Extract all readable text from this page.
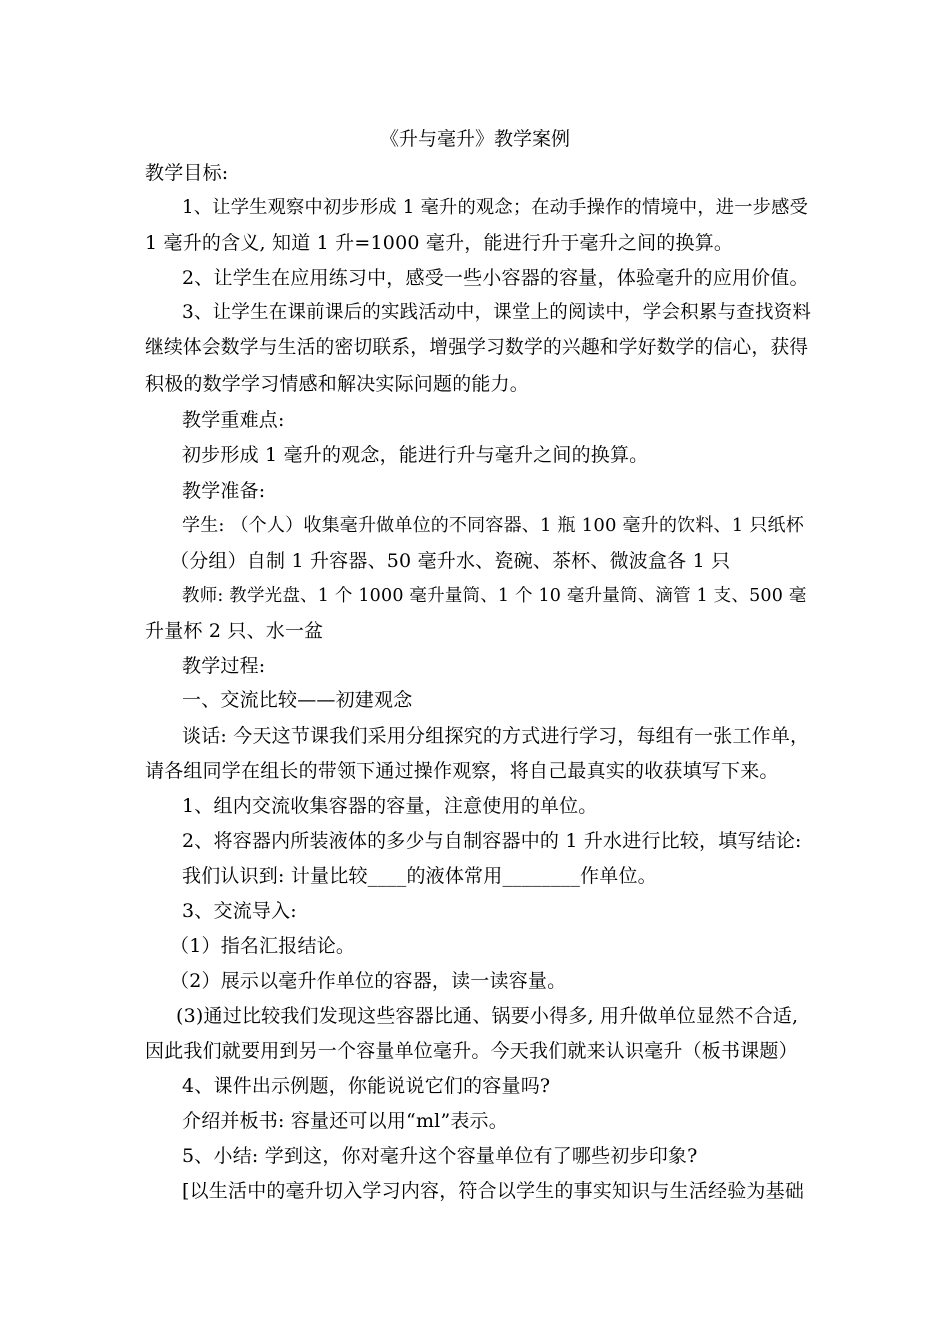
《升与毫升》教学案例
教学目标:
1、让学生观察中初步形成 1 毫升的观念；在动手操作的情境中，进一步感受
1 毫升的含义, 知道 1 升=1000 毫升，能进行升于毫升之间的换算。
2、让学生在应用练习中，感受一些小容器的容量，体验毫升的应用价值。
3、让学生在课前课后的实践活动中，课堂上的阅读中，学会积累与查找资料
继续体会数学与生活的密切联系，增强学习数学的兴趣和学好数学的信心，获得
积极的数学学习情感和解决实际问题的能力。
教学重难点:
初步形成 1 毫升的观念，能进行升与毫升之间的换算。
教学准备:
学生: （个人）收集毫升做单位的不同容器、1 瓶 100 毫升的饮料、1 只纸杯
（分组）自制 1 升容器、50 毫升水、瓷碗、茶杯、微波盒各 1 只
教师: 教学光盘、1 个 1000 毫升量筒、1 个 10 毫升量筒、滴管 1 支、500 毫
升量杯 2 只、水一盆
教学过程:
一、交流比较——初建观念
谈话: 今天这节课我们采用分组探究的方式进行学习，每组有一张工作单，
请各组同学在组长的带领下通过操作观察，将自己最真实的收获填写下来。
1、组内交流收集容器的容量，注意使用的单位。
2、将容器内所装液体的多少与自制容器中的 1 升水进行比较，填写结论:
我们认识到: 计量比较____的液体常用________作单位。
3、交流导入:
（1）指名汇报结论。
（2）展示以毫升作单位的容器，读一读容量。
(3)通过比较我们发现这些容器比通、锅要小得多, 用升做单位显然不合适,
因此我们就要用到另一个容量单位毫升。今天我们就来认识毫升（板书课题）
4、课件出示例题，你能说说它们的容量吗?
介绍并板书: 容量还可以用“ml”表示。
5、小结: 学到这，你对毫升这个容量单位有了哪些初步印象?
[以生活中的毫升切入学习内容，符合以学生的事实知识与生活经验为基础
